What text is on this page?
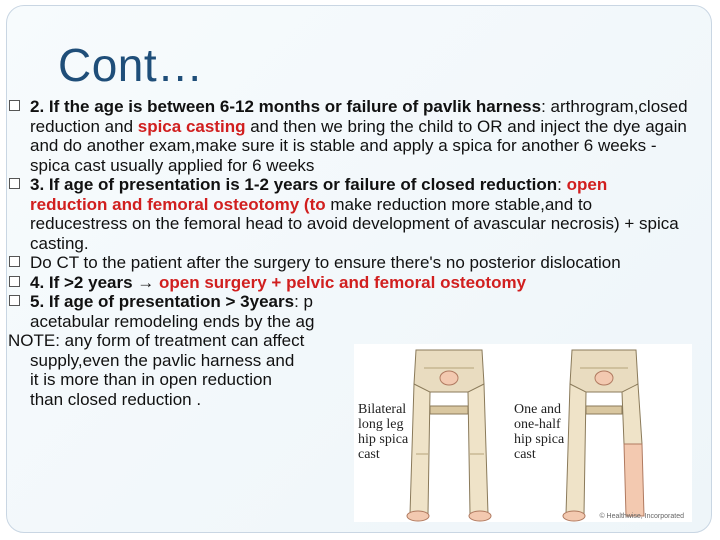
Cont…
2. If the age is between 6-12 months or failure of pavlik harness: arthrogram,closed reduction and spica casting and then we bring the child to OR and inject the dye again and do another exam,make sure it is stable and apply a spica for another 6 weeks - spica cast usually applied for 6 weeks
3. If age of presentation is 1-2 years or failure of closed reduction: open reduction and femoral osteotomy (to make reduction more stable,and to reducestress on the femoral head to avoid development of avascular necrosis) + spica casting.
Do CT to the patient after the surgery to ensure there's no posterior dislocation
4. If >2 years → open surgery + pelvic and femoral osteotomy
5. If age of presentation > 3years: p
acetabular remodeling ends by the ag
NOTE: any form of treatment can affect
supply,even the pavlic harness and
it is more than in open reduction
than closed reduction .
Bilateral long leg hip spica cast
One and one-half hip spica cast
© Healthwise, Incorporated
